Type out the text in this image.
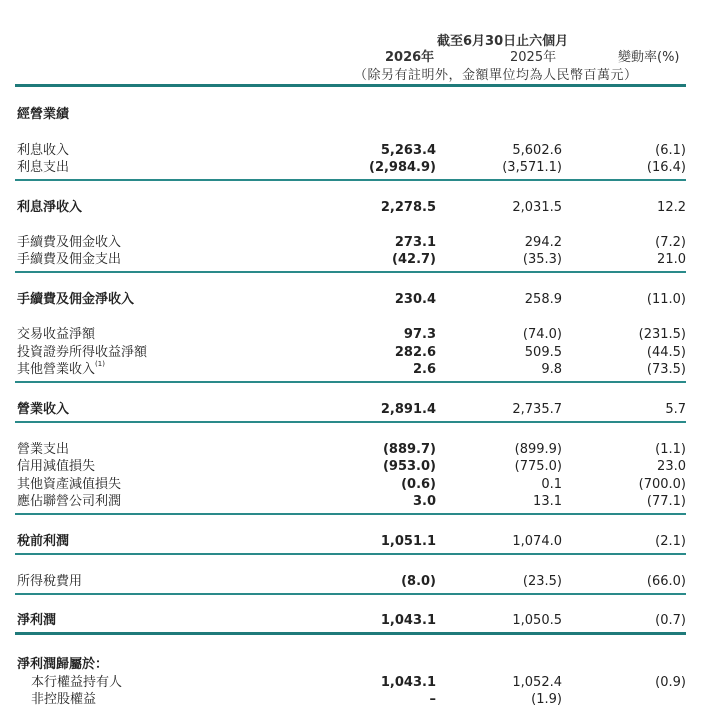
截至6月30日止六個月
2026年	2025年	變動率(%)
（除另有註明外，金額單位均為人民幣百萬元）
經營業績
利息收入	5,263.4	5,602.6	(6.1)
利息支出	(2,984.9)	(3,571.1)	(16.4)
利息淨收入	2,278.5	2,031.5	12.2
手續費及佣金收入	273.1	294.2	(7.2)
手續費及佣金支出	(42.7)	(35.3)	21.0
手續費及佣金淨收入	230.4	258.9	(11.0)
交易收益淨額	97.3	(74.0)	(231.5)
投資證券所得收益淨額	282.6	509.5	(44.5)
其他營業收入$^{(1)}$	2.6	9.8	(73.5)
營業收入	2,891.4	2,735.7	5.7
營業支出	(889.7)	(899.9)	(1.1)
信用減值損失	(953.0)	(775.0)	23.0
其他資產減值損失	(0.6)	0.1	(700.0)
應佔聯營公司利潤	3.0	13.1	(77.1)
稅前利潤	1,051.1	1,074.0	(2.1)
所得稅費用	(8.0)	(23.5)	(66.0)
淨利潤	1,043.1	1,050.5	(0.7)
淨利潤歸屬於：
本行權益持有人	1,043.1	1,052.4	(0.9)
非控股權益	–	(1.9)
